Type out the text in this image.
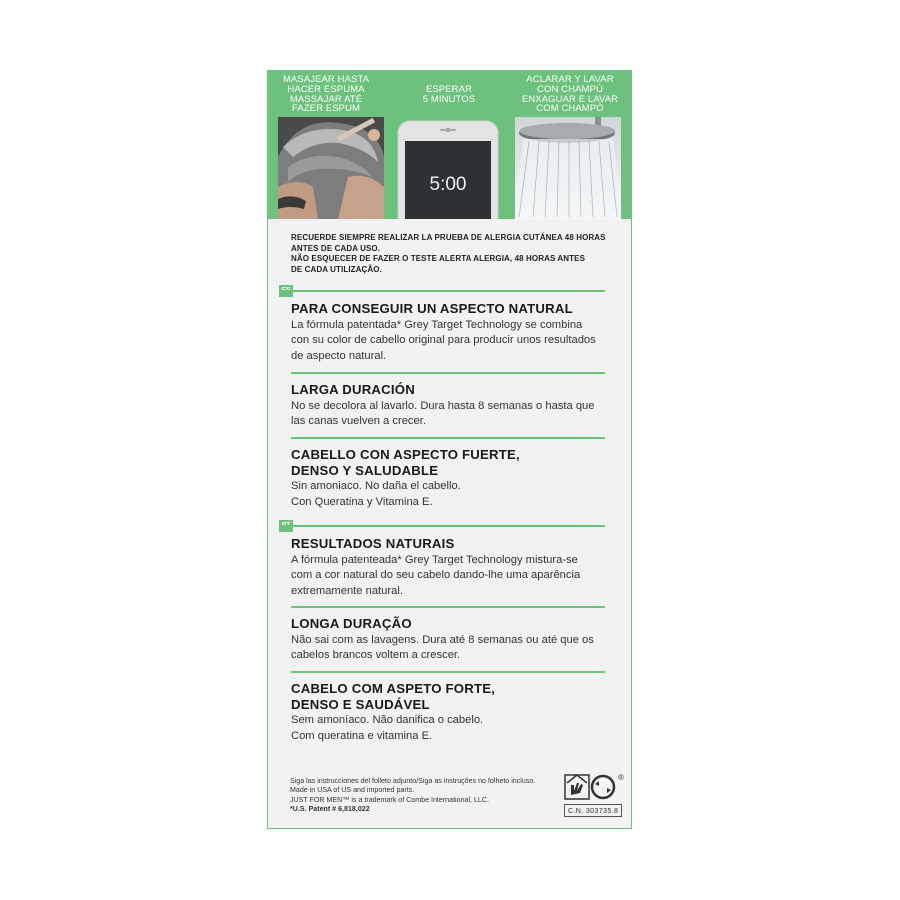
MASAJEAR HASTA
HACER ESPUMA
MASSAJAR ATÉ
FAZER ESPUM
ESPERAR
5 MINUTOS
ACLARAR Y LAVAR
CON CHAMPÚ
ENXAGUAR E LAVAR
COM CHAMPÓ
5:00
RECUERDE SIEMPRE REALIZAR LA PRUEBA DE ALERGIA CUTÁNEA 48 HORAS
ANTES DE CADA USO.
NÃO ESQUECER DE FAZER O TESTE ALERTA ALERGIA, 48 HORAS ANTES
DE CADA UTILIZAÇÃO.
PARA CONSEGUIR UN ASPECTO NATURAL
La fórmula patentada* Grey Target Technology se combina
con su color de cabello original para producir unos resultados
de aspecto natural.
LARGA DURACIÓN
No se decolora al lavarlo. Dura hasta 8 semanas o hasta que
las canas vuelven a crecer.
CABELLO CON ASPECTO FUERTE,
DENSO Y SALUDABLE
Sin amoniaco. No daña el cabello.
Con Queratina y Vitamina E.
RESULTADOS NATURAIS
A fórmula patenteada* Grey Target Technology mistura-se
com a cor natural do seu cabelo dando-lhe uma aparência
extremamente natural.
LONGA DURAÇÃO
Não sai com as lavagens. Dura até 8 semanas ou até que os
cabelos brancos voltem a crescer.
CABELO COM ASPETO FORTE,
DENSO E SAUDÁVEL
Sem amoníaco. Não danifica o cabelo.
Com queratina e vitamina E.
Siga las instrucciones del folleto adjunto/Siga as instruções no folheto incluso.
Made in USA of US and imported parts.
JUST FOR MEN™ is a trademark of Combe International, LLC.
*U.S. Patent # 6,818,022
®
C.N. 303735.8
